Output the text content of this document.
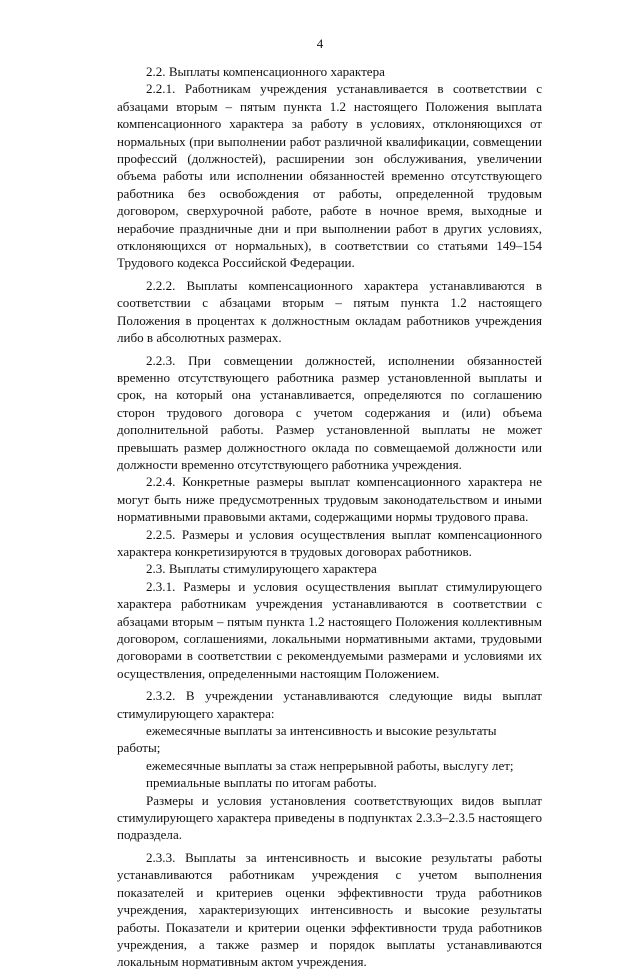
4

2.2. Выплаты компенсационного характера

2.2.1. Работникам учреждения устанавливается в соответствии с абзацами вторым – пятым пункта 1.2 настоящего Положения выплата компенсационного характера за работу в условиях, отклоняющихся от нормальных (при выполнении работ различной квалификации, совмещении профессий (должностей), расширении зон обслуживания, увеличении объема работы или исполнении обязанностей временно отсутствующего работника без освобождения от работы, определенной трудовым договором, сверхурочной работе, работе в ночное время, выходные и нерабочие праздничные дни и при выполнении работ в других условиях, отклоняющихся от нормальных), в соответствии со статьями 149–154 Трудового кодекса Российской Федерации.

2.2.2. Выплаты компенсационного характера устанавливаются в соответствии с абзацами вторым – пятым пункта 1.2 настоящего Положения в процентах к должностным окладам работников учреждения либо в абсолютных размерах.

2.2.3. При совмещении должностей, исполнении обязанностей временно отсутствующего работника размер установленной выплаты и срок, на который она устанавливается, определяются по соглашению сторон трудового договора с учетом содержания и (или) объема дополнительной работы. Размер установленной выплаты не может превышать размер должностного оклада по совмещаемой должности или должности временно отсутствующего работника учреждения.

2.2.4. Конкретные размеры выплат компенсационного характера не могут быть ниже предусмотренных трудовым законодательством и иными нормативными правовыми актами, содержащими нормы трудового права.

2.2.5. Размеры и условия осуществления выплат компенсационного характера конкретизируются в трудовых договорах работников.

2.3. Выплаты стимулирующего характера

2.3.1. Размеры и условия осуществления выплат стимулирующего характера работникам учреждения устанавливаются в соответствии с абзацами вторым – пятым пункта 1.2 настоящего Положения коллективным договором, соглашениями, локальными нормативными актами, трудовыми договорами в соответствии с рекомендуемыми размерами и условиями их осуществления, определенными настоящим Положением.

2.3.2. В учреждении устанавливаются следующие виды выплат стимулирующего характера:

ежемесячные выплаты за интенсивность и высокие результаты работы;

ежемесячные выплаты за стаж непрерывной работы, выслугу лет;

премиальные выплаты по итогам работы.

Размеры и условия установления соответствующих видов выплат стимулирующего характера приведены в подпунктах 2.3.3–2.3.5 настоящего подраздела.

2.3.3. Выплаты за интенсивность и высокие результаты работы устанавливаются работникам учреждения с учетом выполнения показателей и критериев оценки эффективности труда работников учреждения, характеризующих интенсивность и высокие результаты работы. Показатели и критерии оценки эффективности труда работников учреждения, а также размер и порядок выплаты устанавливаются локальным нормативным актом учреждения.
